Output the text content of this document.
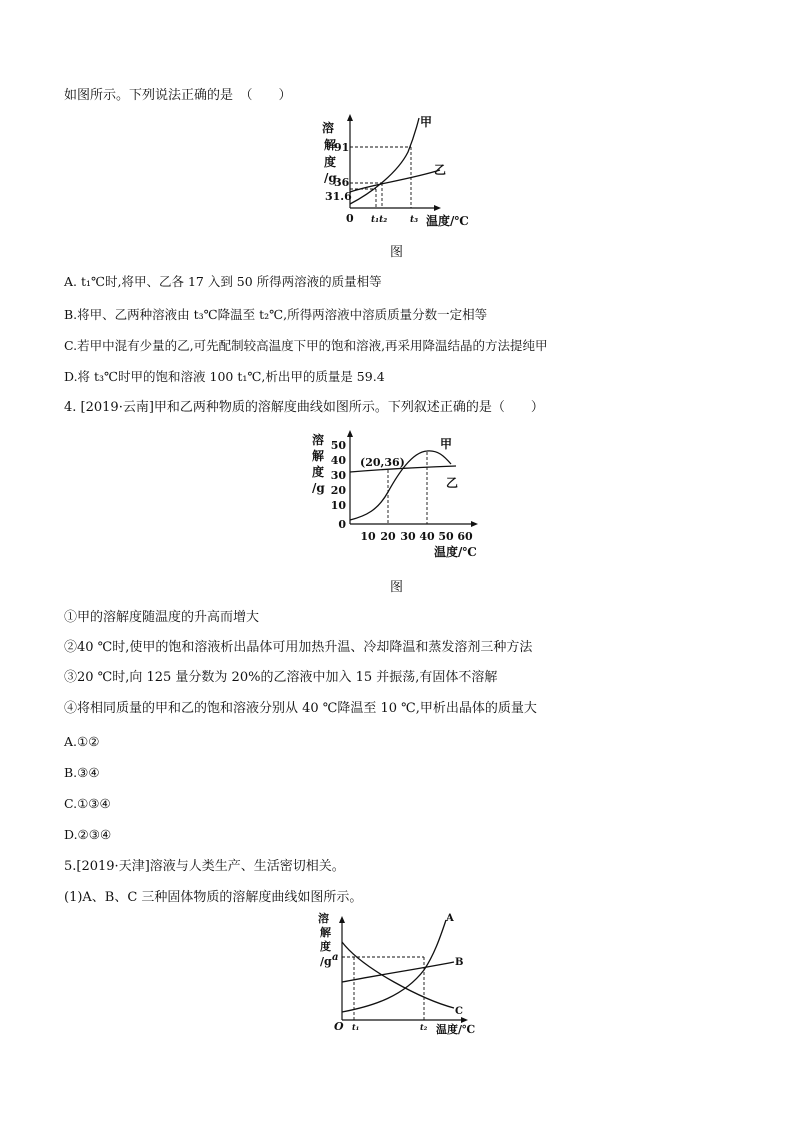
如图所示。下列说法正确的是　（　　）
溶
解
度
/g
91
36
31.6
0 t₁t₂	t₃ 温度/℃
甲
乙
图
A. t₁℃时,将甲、乙各 17 入到 50 所得两溶液的质量相等
B.将甲、乙两种溶液由 t₃℃降温至 t₂℃,所得两溶液中溶质质量分数一定相等
C.若甲中混有少量的乙,可先配制较高温度下甲的饱和溶液,再采用降温结晶的方法提纯甲
D.将 t₃℃时甲的饱和溶液 100 t₁℃,析出甲的质量是 59.4
4. [2019·云南]甲和乙两种物质的溶解度曲线如图所示。下列叙述正确的是（　　）
溶
解
度
/g
50
40
30
20
10
0
10 20 30 40 50 60
温度/℃
(20,36)
甲
乙
图
①甲的溶解度随温度的升高而增大
②40 ℃时,使甲的饱和溶液析出晶体可用加热升温、冷却降温和蒸发溶剂三种方法
③20 ℃时,向 125 量分数为 20%的乙溶液中加入 15 并振荡,有固体不溶解
④将相同质量的甲和乙的饱和溶液分别从 40 ℃降温至 10 ℃,甲析出晶体的质量大
A.①②
B.③④
C.①③④
D.②③④
5.[2019·天津]溶液与人类生产、生活密切相关。
(1)A、B、C 三种固体物质的溶解度曲线如图所示。
溶
解
度
/g a
O t₁	t₂ 温度/℃
A
B
C
